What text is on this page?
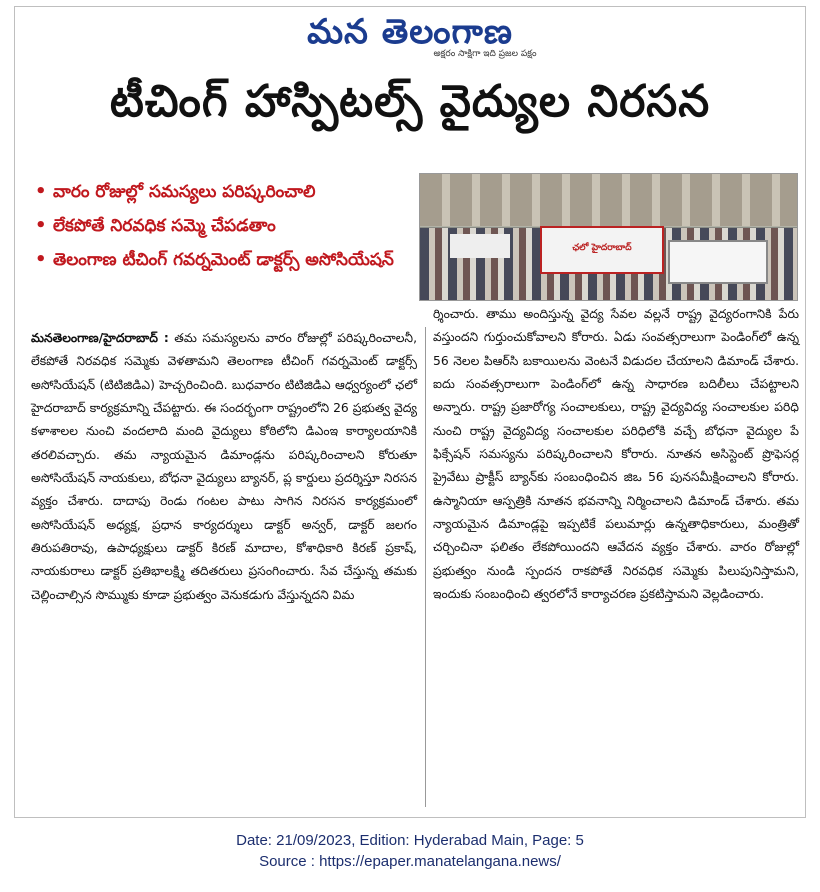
మన తెలంగాణ
అక్షరం సాక్షిగా ఇది ప్రజల పక్షం
టీచింగ్ హాస్పిటల్స్ వైద్యుల నిరసన
• వారం రోజుల్లో సమస్యలు పరిష్కరించాలి
• లేకపోతే నిరవధిక సమ్మె చేపడతాం
• తెలంగాణ టీచింగ్ గవర్నమెంట్ డాక్టర్స్ అసోసియేషన్
ఛలో హైదరాబాద్
మనతెలంగాణ/హైదరాబాద్ : తమ సమస్యలను వారం రోజుల్లో పరిష్కరించాలనీ, లేకపోతే నిరవధిక సమ్మెకు వెళతామని తెలంగాణ టీచింగ్ గవర్నమెంట్ డాక్టర్స్ అసోసియేషన్ (టిటిజిడిఎ) హెచ్చరించింది. బుధవారం టిటిజిడిఎ ఆధ్వర్యంలో ఛలో హైదరాబాద్ కార్యక్రమాన్ని చేపట్టారు. ఈ సందర్భంగా రాష్ట్రంలోని 26 ప్రభుత్వ వైద్య కళాశాలల నుంచి వందలాది మంది వైద్యులు కోఠిలోని డిఎంఇ కార్యాలయానికి తరలివచ్చారు. తమ న్యాయమైన డిమాండ్లను పరిష్కరించాలని కోరుతూ అసోసియేషన్ నాయకులు, బోధనా వైద్యులు బ్యానర్, ప్ల కార్డులు ప్రదర్శిస్తూ నిరసన వ్యక్తం చేశారు. దాదాపు రెండు గంటల పాటు సాగిన నిరసన కార్యక్రమంలో అసోసియేషన్ అధ్యక్ష, ప్రధాన కార్యదర్శులు డాక్టర్ అన్వర్, డాక్టర్ జలగం తిరుపతిరావు, ఉపాధ్యక్షులు డాక్టర్ కిరణ్ మాదాల, కోశాధికారి కిరణ్ ప్రకాష్, నాయకురాలు డాక్టర్ ప్రతిభాలక్ష్మి తదితరులు ప్రసంగించారు. సేవ చేస్తున్న తమకు చెల్లించాల్సిన సొమ్ముకు కూడా ప్రభుత్వం వెనుకడుగు వేస్తున్నదని విమ
ర్శించారు. తాము అందిస్తున్న వైద్య సేవల వల్లనే రాష్ట్ర వైద్యరంగానికి పేరు వస్తుందని గుర్తుంచుకోవాలని కోరారు. ఏడు సంవత్సరాలుగా పెండింగ్‌లో ఉన్న 56 నెలల పిఆర్‌సి బకాయిలను వెంటనే విడుదల చేయాలని డిమాండ్ చేశారు. ఐదు సంవత్సరాలుగా పెండింగ్‌లో ఉన్న సాధారణ బదిలీలు చేపట్టాలని అన్నారు. రాష్ట్ర ప్రజారోగ్య సంచాలకులు, రాష్ట్ర వైద్యవిద్య సంచాలకుల పరిధి నుంచి రాష్ట్ర వైద్యవిద్య సంచాలకుల పరిధిలోకి వచ్చే బోధనా వైద్యుల పే ఫిక్సేషన్ సమస్యను పరిష్కరించాలని కోరారు. నూతన అసిస్టెంట్ ప్రొఫెసర్ల ప్రైవేటు ప్రాక్టీస్ బ్యాన్‌కు సంబంధించిన జిఒ 56 పునసమీక్షించాలని కోరారు. ఉస్మానియా ఆస్పత్రికి నూతన భవనాన్ని నిర్మించాలని డిమాండ్ చేశారు. తమ న్యాయమైన డిమాండ్లపై ఇప్పటికే పలుమార్లు ఉన్నతాధికారులు, మంత్రితో చర్చించినా ఫలితం లేకపోయిందని ఆవేదన వ్యక్తం చేశారు. వారం రోజుల్లో ప్రభుత్వం నుండి స్పందన రాకపోతే నిరవధిక సమ్మెకు పిలుపునిస్తామని, ఇందుకు సంబంధించి త్వరలోనే కార్యాచరణ ప్రకటిస్తామని వెల్లడించారు.
Date: 21/09/2023, Edition: Hyderabad Main, Page: 5
Source : https://epaper.manatelangana.news/
